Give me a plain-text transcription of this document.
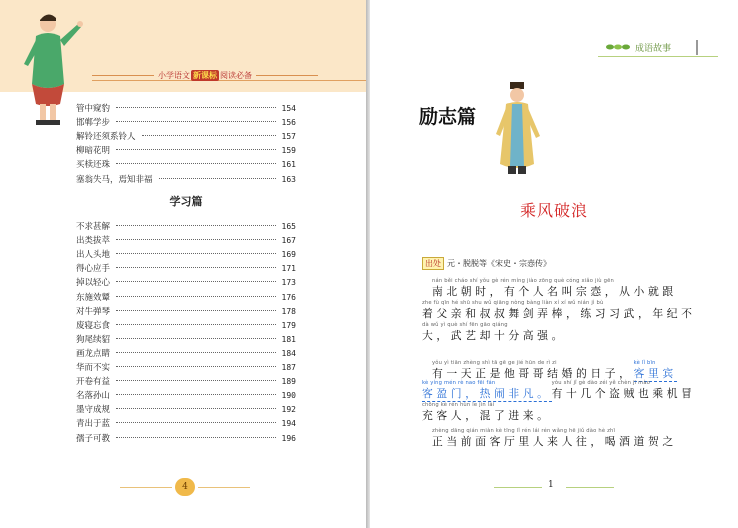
小学语文 新课标 阅读必备
管中窥豹	154
邯郸学步	156
解铃还须系铃人	157
柳暗花明	159
买椟还珠	161
塞翁失马，焉知非福	163
学习篇
不求甚解	165
出类拔萃	167
出人头地	169
得心应手	171
掉以轻心	173
东施效颦	176
对牛弹琴	178
废寝忘食	179
狗尾续貂	181
画龙点睛	184
华而不实	187
开卷有益	189
名落孙山	190
墨守成规	192
青出于蓝	194
孺子可教	196
4
成语故事
励志篇
乘风破浪
出处 元・脱脱等《宋史・宗悫传》
nán běi cháo shí yǒu gè rén míng jiào zōng què cóng xiǎo jiù gēn
南北朝时，有个人名叫宗悫，从小就跟
zhe fù qīn hé shū shu wǔ qiāng nòng bàng liàn xí xí wǔ nián jì bù
着父亲和叔叔舞剑弄棒，练习习武，年纪不
dà wǔ yì què shí fēn gāo qiáng
大，武艺却十分高强。
yǒu yì tiān zhèng shì tā gē ge jié hūn de rì zi
有一天正是他哥哥结婚的日子，
kè lǐ bīn
客里宾
kè yíng mén rè nao fēi fán
客盈门，热闹非凡。
yǒu shí jǐ gè dào zéi yě chèn jī mào
有十几个盗贼也乘机冒
chōng kè rén hùn le jìn lái
充客人，混了进来。
zhèng dāng qián miàn kè tīng lǐ rén lái rén wǎng hē jiǔ dào hè zhī
正当前面客厅里人来人往，喝酒道贺之
1
